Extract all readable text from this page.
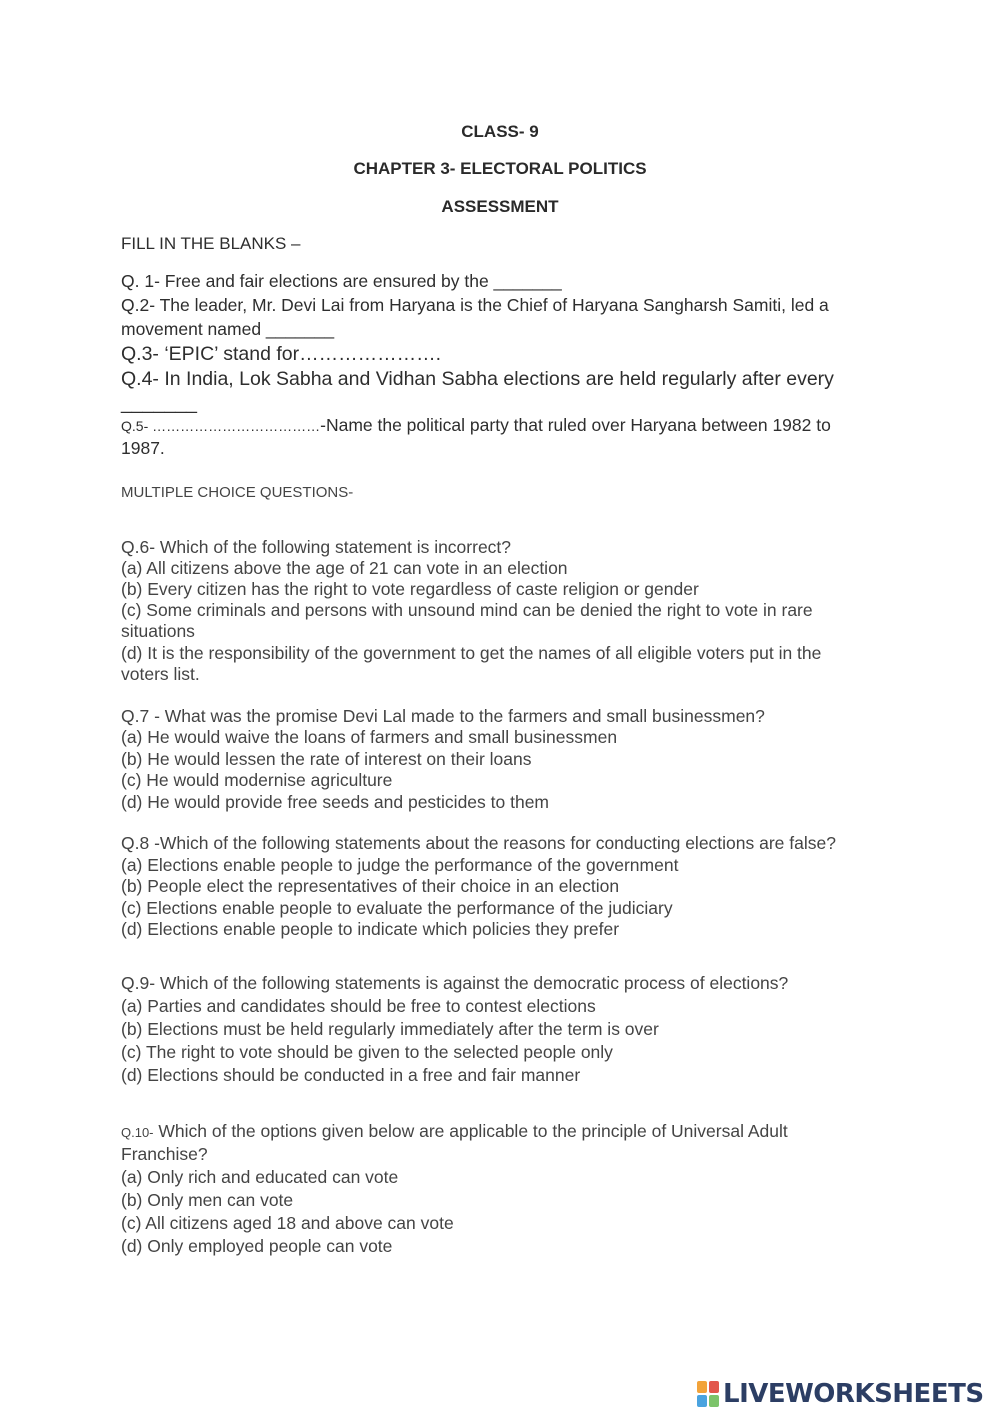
CLASS- 9
CHAPTER 3- ELECTORAL POLITICS
ASSESSMENT
FILL IN THE BLANKS –
Q. 1- Free and fair elections are ensured by the _______
Q.2- The leader, Mr. Devi Lai from Haryana is the Chief of Haryana Sangharsh Samiti, led a
movement named _______
Q.3- ‘EPIC’ stand for………………….
Q.4- In India, Lok Sabha and Vidhan Sabha elections are held regularly after every
_______
Q.5- ………………………………-Name the political party that ruled over Haryana between 1982 to
1987.
MULTIPLE CHOICE QUESTIONS-
Q.6- Which of the following statement is incorrect?
(a) All citizens above the age of 21 can vote in an election
(b) Every citizen has the right to vote regardless of caste religion or gender
(c) Some criminals and persons with unsound mind can be denied the right to vote in rare
situations
(d) It is the responsibility of the government to get the names of all eligible voters put in the
voters list.
Q.7 - What was the promise Devi Lal made to the farmers and small businessmen?
(a) He would waive the loans of farmers and small businessmen
(b) He would lessen the rate of interest on their loans
(c) He would modernise agriculture
(d) He would provide free seeds and pesticides to them
Q.8 -Which of the following statements about the reasons for conducting elections are false?
(a) Elections enable people to judge the performance of the government
(b) People elect the representatives of their choice in an election
(c) Elections enable people to evaluate the performance of the judiciary
(d) Elections enable people to indicate which policies they prefer
Q.9- Which of the following statements is against the democratic process of elections?
(a) Parties and candidates should be free to contest elections
(b) Elections must be held regularly immediately after the term is over
(c) The right to vote should be given to the selected people only
(d) Elections should be conducted in a free and fair manner
Q.10- Which of the options given below are applicable to the principle of Universal Adult
Franchise?
(a) Only rich and educated can vote
(b) Only men can vote
(c) All citizens aged 18 and above can vote
(d) Only employed people can vote
LIVEWORKSHEETS
